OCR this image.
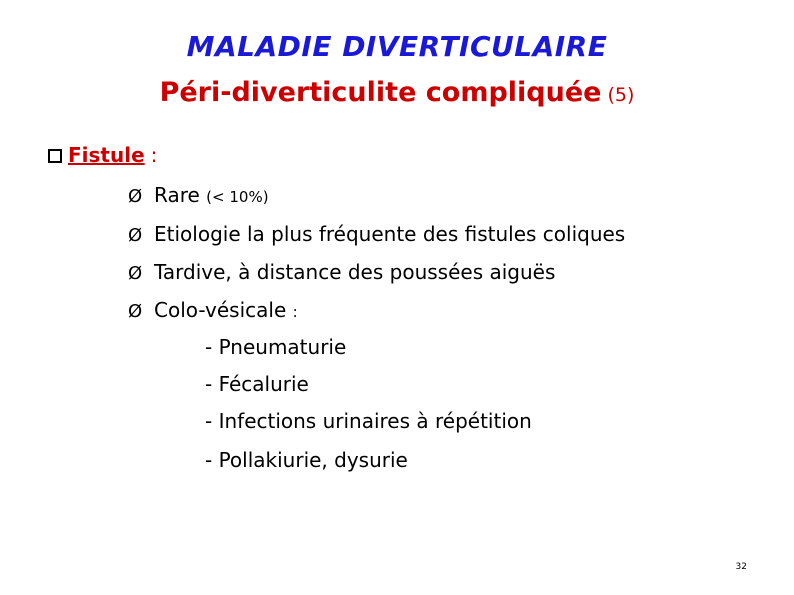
MALADIE DIVERTICULAIRE
Péri-diverticulite compliquée (5)
Fistule :
Ø Rare (< 10%)
Ø Etiologie la plus fréquente des fistules coliques
Ø Tardive, à distance des poussées aiguës
Ø Colo-vésicale :
- Pneumaturie
- Fécalurie
- Infections urinaires à répétition
- Pollakiurie, dysurie
32
